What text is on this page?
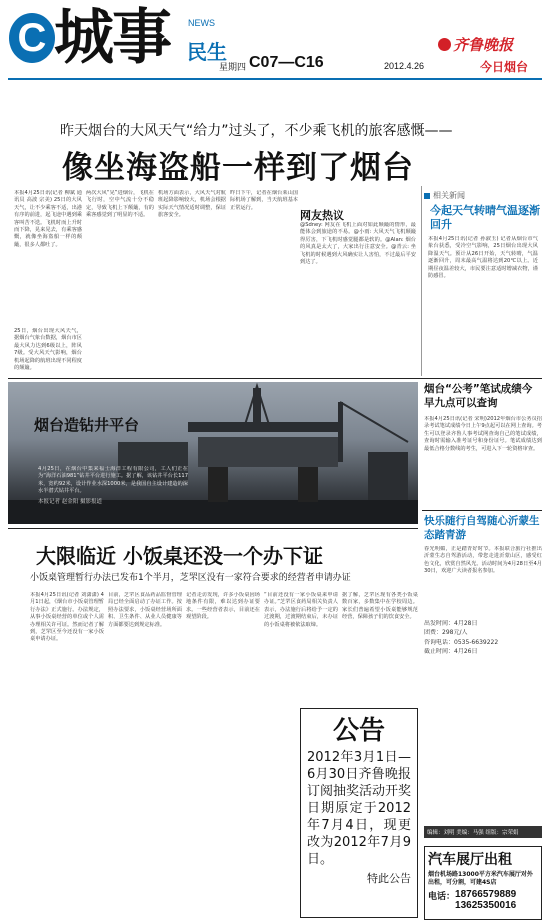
C 城事 NEWS
民生
星期四 C07—C16
齐鲁晚报
2012.4.26	今日烟台
昨天烟台的大风天气“给力”过头了，不少乘飞机的旅客感慨——
像坐海盗船一样到了烟台
本报4月25日讯(记者 柳斌 通讯员 高波 宗美) 25日的大风天气，让不少乘客不适，出港有序的前进，起飞途中遇到乘客叫苦不迭。飞机时而上升时而下降，晃来晃去，有乘客感慨，就像坐海盗船一样的颠簸，很多人都吐了。
25日，烟台出现大风天气，据烟台气象台数据，烟台市区最大风力达到6级以上，阵风7级。受大风天气影响，烟台机场起降的航班出现不同程度的颠簸。
两次大风“晃”进烟台，飞机在飞行时，空中气流十分不稳定，导致飞机上下颠簸，有的乘客感觉到了明显的不适。
机场方面表示，大风天气对航班起降影响较大，机场会根据实际天气情况适时调整，保证旅客安全。
昨日下午，记者在烟台莱山国际机场了解到，当天航班基本正常运行。
网友热议
@Sdney: 网友在飞机上面对如此颠簸的情形，最能体会到旅途的不易。@小雨: 大风天气飞机颠簸得厉害，下飞机时感觉腿都是软的。@Alan: 烟台的风真是太大了，大家出行注意安全。@青云: 坐飞机的时候遇到大风确实让人害怕，不过最后平安到达了。
相关新闻
今起天气转晴气温逐渐回升
本报4月25日讯(记者 孙淑玉) 记者从烟台市气象台获悉，受冷空气影响，25日烟台出现大风降温天气。预计从26日开始，天气转晴，气温逐渐回升，周末最高气温将达到20℃以上。近期昼夜温差较大，市民要注意适时增减衣物，谨防感冒。
烟台造钻井平台
4月25日，在烟台中集来福士海洋工程有限公司，工人们正在为“海洋石油981”钻井平台进行施工。据了解，该钻井平台长117米，宽约92米，设计作业水深1000米，是我国自主设计建造的深水半潜式钻井平台。
本报记者 赵金阳 摄影报道
烟台“公考”笔试成绩今早九点可以查询
本报4月25日讯(记者 宋明)2012年烟台市公务员招录考试笔试成绩今日上午9点起可以在网上查询。考生可以登录齐鲁人事考试网查询自己的笔试成绩，查询时需输入准考证号和身份证号。笔试成绩达到最低合格分数线的考生，可进入下一轮资格审查。
快乐随行自驾随心沂蒙生态踏青游
春光明媚，正是踏青好时节。本报联合旅行社推出沂蒙生态自驾游活动，带您走进沂蒙山区，感受红色文化，欣赏自然风光。活动时间为4月28日至4月30日，欢迎广大读者报名参加。
出发时间：4月28日
团费：298元/人
咨询电话：0535-6639222
截止时间：4月26日
编辑：刘明 美编：马强 组版：宗荣娟
大限临近 小饭桌还没一个办下证
小饭桌管理暂行办法已发布1个半月，芝罘区没有一家符合要求的经营者申请办证
本报4月25日讯(记者 刘潇潇) 4月1日起，《烟台市小饭桌管理暂行办法》正式施行。办法规定，从事小饭桌经营的单位或个人需办理相关许可证。然而记者了解到，芝罘区至今还没有一家小饭桌申请办证。
目前，芝罘区食品药品监督管理局已经全面启动了办证工作。按照办法要求，小饭桌经营场所面积、卫生条件、从业人员健康等方面都要达到规定标准。
记者走访发现，许多小饭桌因场地条件有限，难以达到办证要求。一些经营者表示，目前还在观望阶段。
“目前还没有一家小饭桌来申请办证。”芝罘区食药局相关负责人表示，办法施行后将给予一定的过渡期，过渡期结束后，未办证的小饭桌将被依法取缔。
据了解，芝罘区现有各类小饭桌数百家，多数集中在学校周边。家长们普遍希望小饭桌能够规范经营，保障孩子们的饮食安全。
公告
2012年3月1日—6月30日齐鲁晚报订阅抽奖活动开奖日期原定于2012年7月4日，现更改为2012年7月9日。
特此公告
汽车展厅出租
烟台机场路13000平方米汽车展厅对外出租，可分割，可建4S店
电话： 18766579889
13625350016
